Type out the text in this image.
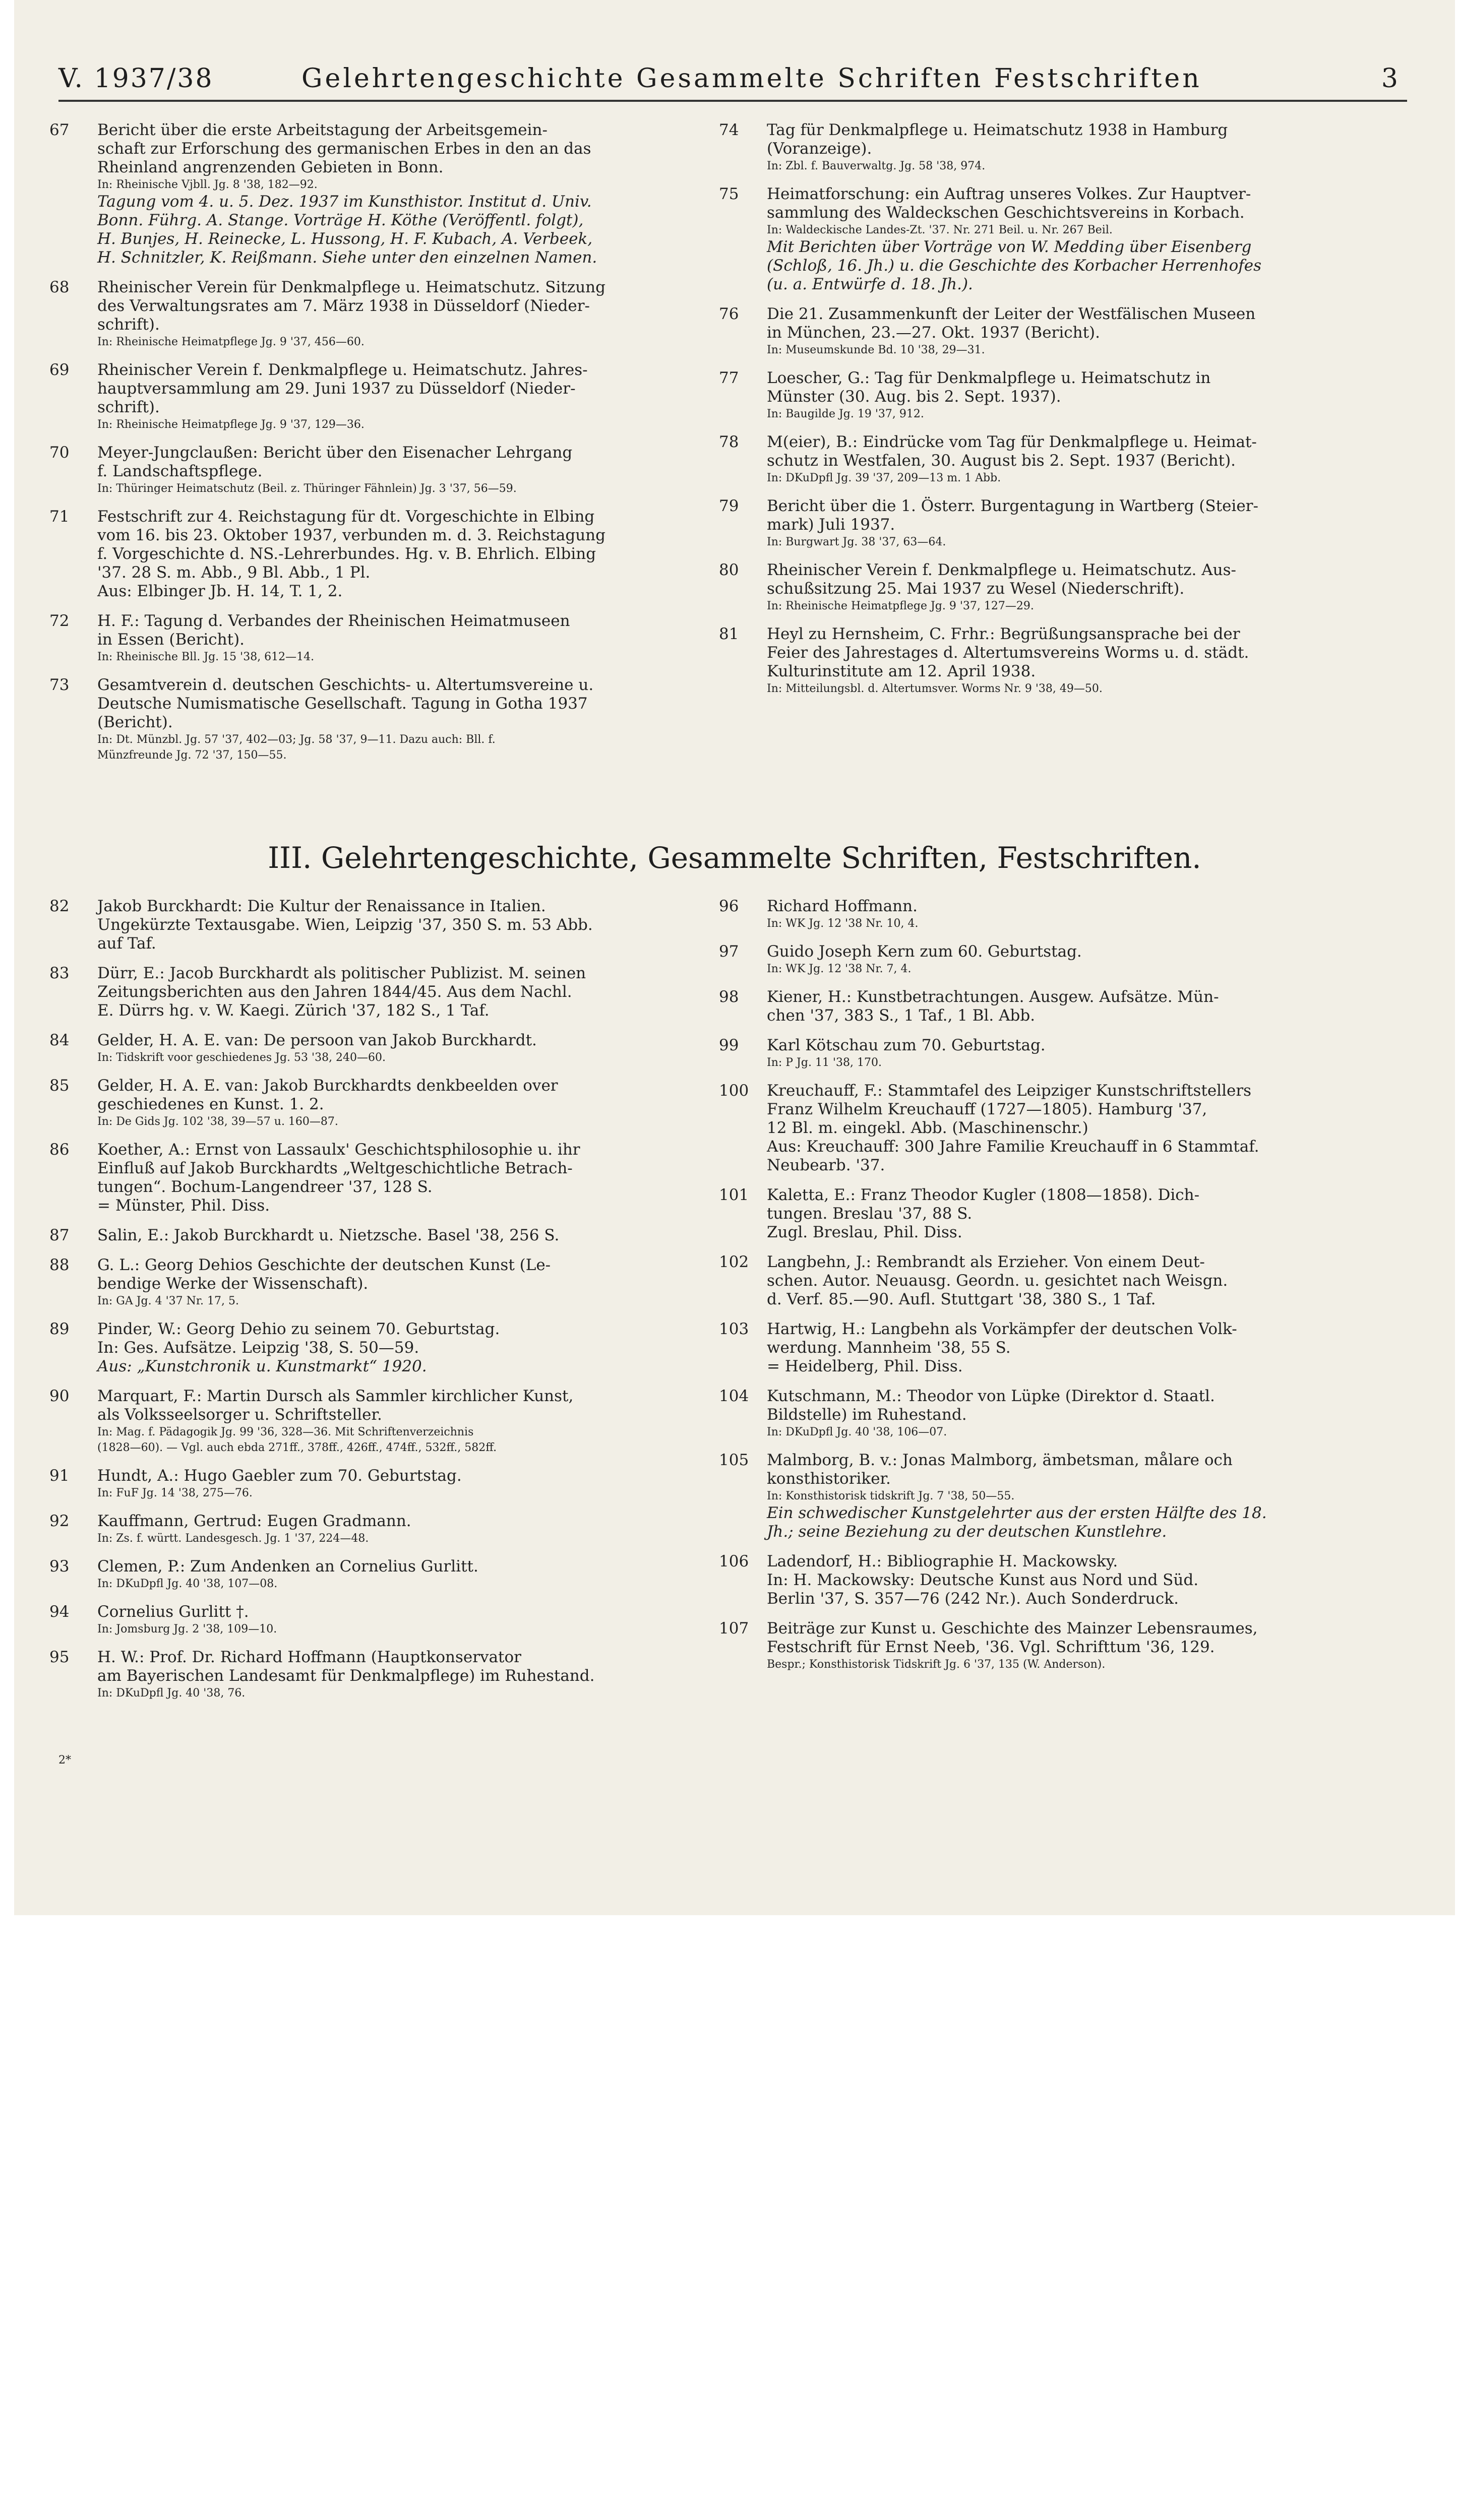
V. 1937/38	Gelehrtengeschichte Gesammelte Schriften Festschriften	3
67	Bericht über die erste Arbeitstagung der Arbeitsgemein-
schaft zur Erforschung des germanischen Erbes in den an das
Rheinland angrenzenden Gebieten in Bonn.
In: Rheinische Vjbll. Jg. 8 '38, 182—92.
Tagung vom 4. u. 5. Dez. 1937 im Kunsthistor. Institut d. Univ.
Bonn. Führg. A. Stange. Vorträge H. Köthe (Veröffentl. folgt),
H. Bunjes, H. Reinecke, L. Hussong, H. F. Kubach, A. Verbeek,
H. Schnitzler, K. Reißmann. Siehe unter den einzelnen Namen.
68	Rheinischer Verein für Denkmalpflege u. Heimatschutz. Sitzung
des Verwaltungsrates am 7. März 1938 in Düsseldorf (Nieder-
schrift).
In: Rheinische Heimatpflege Jg. 9 '37, 456—60.
69	Rheinischer Verein f. Denkmalpflege u. Heimatschutz. Jahres-
hauptversammlung am 29. Juni 1937 zu Düsseldorf (Nieder-
schrift).
In: Rheinische Heimatpflege Jg. 9 '37, 129—36.
70	Meyer-Jungclaußen: Bericht über den Eisenacher Lehrgang
f. Landschaftspflege.
In: Thüringer Heimatschutz (Beil. z. Thüringer Fähnlein) Jg. 3 '37, 56—59.
71	Festschrift zur 4. Reichstagung für dt. Vorgeschichte in Elbing
vom 16. bis 23. Oktober 1937, verbunden m. d. 3. Reichstagung
f. Vorgeschichte d. NS.-Lehrerbundes. Hg. v. B. Ehrlich. Elbing
'37. 28 S. m. Abb., 9 Bl. Abb., 1 Pl.
Aus: Elbinger Jb. H. 14, T. 1, 2.
72	H. F.: Tagung d. Verbandes der Rheinischen Heimatmuseen
in Essen (Bericht).
In: Rheinische Bll. Jg. 15 '38, 612—14.
73	Gesamtverein d. deutschen Geschichts- u. Altertumsvereine u.
Deutsche Numismatische Gesellschaft. Tagung in Gotha 1937
(Bericht).
In: Dt. Münzbl. Jg. 57 '37, 402—03; Jg. 58 '37, 9—11. Dazu auch: Bll. f.
Münzfreunde Jg. 72 '37, 150—55.
74	Tag für Denkmalpflege u. Heimatschutz 1938 in Hamburg
(Voranzeige).
In: Zbl. f. Bauverwaltg. Jg. 58 '38, 974.
75	Heimatforschung: ein Auftrag unseres Volkes. Zur Hauptver-
sammlung des Waldeckschen Geschichtsvereins in Korbach.
In: Waldeckische Landes-Zt. '37. Nr. 271 Beil. u. Nr. 267 Beil.
Mit Berichten über Vorträge von W. Medding über Eisenberg
(Schloß, 16. Jh.) u. die Geschichte des Korbacher Herrenhofes
(u. a. Entwürfe d. 18. Jh.).
76	Die 21. Zusammenkunft der Leiter der Westfälischen Museen
in München, 23.—27. Okt. 1937 (Bericht).
In: Museumskunde Bd. 10 '38, 29—31.
77	Loescher, G.: Tag für Denkmalpflege u. Heimatschutz in
Münster (30. Aug. bis 2. Sept. 1937).
In: Baugilde Jg. 19 '37, 912.
78	M(eier), B.: Eindrücke vom Tag für Denkmalpflege u. Heimat-
schutz in Westfalen, 30. August bis 2. Sept. 1937 (Bericht).
In: DKuDpfl Jg. 39 '37, 209—13 m. 1 Abb.
79	Bericht über die 1. Österr. Burgentagung in Wartberg (Steier-
mark) Juli 1937.
In: Burgwart Jg. 38 '37, 63—64.
80	Rheinischer Verein f. Denkmalpflege u. Heimatschutz. Aus-
schußsitzung 25. Mai 1937 zu Wesel (Niederschrift).
In: Rheinische Heimatpflege Jg. 9 '37, 127—29.
81	Heyl zu Hernsheim, C. Frhr.: Begrüßungsansprache bei der
Feier des Jahrestages d. Altertumsvereins Worms u. d. städt.
Kulturinstitute am 12. April 1938.
In: Mitteilungsbl. d. Altertumsver. Worms Nr. 9 '38, 49—50.
III. Gelehrtengeschichte, Gesammelte Schriften, Festschriften.
82	Jakob Burckhardt: Die Kultur der Renaissance in Italien.
Ungekürzte Textausgabe. Wien, Leipzig '37, 350 S. m. 53 Abb.
auf Taf.
83	Dürr, E.: Jacob Burckhardt als politischer Publizist. M. seinen
Zeitungsberichten aus den Jahren 1844/45. Aus dem Nachl.
E. Dürrs hg. v. W. Kaegi. Zürich '37, 182 S., 1 Taf.
84	Gelder, H. A. E. van: De persoon van Jakob Burckhardt.
In: Tidskrift voor geschiedenes Jg. 53 '38, 240—60.
85	Gelder, H. A. E. van: Jakob Burckhardts denkbeelden over
geschiedenes en Kunst. 1. 2.
In: De Gids Jg. 102 '38, 39—57 u. 160—87.
86	Koether, A.: Ernst von Lassaulx' Geschichtsphilosophie u. ihr
Einfluß auf Jakob Burckhardts „Weltgeschichtliche Betrach-
tungen“. Bochum-Langendreer '37, 128 S.
= Münster, Phil. Diss.
87	Salin, E.: Jakob Burckhardt u. Nietzsche. Basel '38, 256 S.
88	G. L.: Georg Dehios Geschichte der deutschen Kunst (Le-
bendige Werke der Wissenschaft).
In: GA Jg. 4 '37 Nr. 17, 5.
89	Pinder, W.: Georg Dehio zu seinem 70. Geburtstag.
In: Ges. Aufsätze. Leipzig '38, S. 50—59.
Aus: „Kunstchronik u. Kunstmarkt“ 1920.
90	Marquart, F.: Martin Dursch als Sammler kirchlicher Kunst,
als Volksseelsorger u. Schriftsteller.
In: Mag. f. Pädagogik Jg. 99 '36, 328—36. Mit Schriftenverzeichnis
(1828—60). — Vgl. auch ebda 271ff., 378ff., 426ff., 474ff., 532ff., 582ff.
91	Hundt, A.: Hugo Gaebler zum 70. Geburtstag.
In: FuF Jg. 14 '38, 275—76.
92	Kauffmann, Gertrud: Eugen Gradmann.
In: Zs. f. württ. Landesgesch. Jg. 1 '37, 224—48.
93	Clemen, P.: Zum Andenken an Cornelius Gurlitt.
In: DKuDpfl Jg. 40 '38, 107—08.
94	Cornelius Gurlitt †.
In: Jomsburg Jg. 2 '38, 109—10.
95	H. W.: Prof. Dr. Richard Hoffmann (Hauptkonservator
am Bayerischen Landesamt für Denkmalpflege) im Ruhestand.
In: DKuDpfl Jg. 40 '38, 76.
96	Richard Hoffmann.
In: WK Jg. 12 '38 Nr. 10, 4.
97	Guido Joseph Kern zum 60. Geburtstag.
In: WK Jg. 12 '38 Nr. 7, 4.
98	Kiener, H.: Kunstbetrachtungen. Ausgew. Aufsätze. Mün-
chen '37, 383 S., 1 Taf., 1 Bl. Abb.
99	Karl Kötschau zum 70. Geburtstag.
In: P Jg. 11 '38, 170.
100	Kreuchauff, F.: Stammtafel des Leipziger Kunstschriftstellers
Franz Wilhelm Kreuchauff (1727—1805). Hamburg '37,
12 Bl. m. eingekl. Abb. (Maschinenschr.)
Aus: Kreuchauff: 300 Jahre Familie Kreuchauff in 6 Stammtaf.
Neubearb. '37.
101	Kaletta, E.: Franz Theodor Kugler (1808—1858). Dich-
tungen. Breslau '37, 88 S.
Zugl. Breslau, Phil. Diss.
102	Langbehn, J.: Rembrandt als Erzieher. Von einem Deut-
schen. Autor. Neuausg. Geordn. u. gesichtet nach Weisgn.
d. Verf. 85.—90. Aufl. Stuttgart '38, 380 S., 1 Taf.
103	Hartwig, H.: Langbehn als Vorkämpfer der deutschen Volk-
werdung. Mannheim '38, 55 S.
= Heidelberg, Phil. Diss.
104	Kutschmann, M.: Theodor von Lüpke (Direktor d. Staatl.
Bildstelle) im Ruhestand.
In: DKuDpfl Jg. 40 '38, 106—07.
105	Malmborg, B. v.: Jonas Malmborg, ämbetsman, målare och
konsthistoriker.
In: Konsthistorisk tidskrift Jg. 7 '38, 50—55.
Ein schwedischer Kunstgelehrter aus der ersten Hälfte des 18.
Jh.; seine Beziehung zu der deutschen Kunstlehre.
106	Ladendorf, H.: Bibliographie H. Mackowsky.
In: H. Mackowsky: Deutsche Kunst aus Nord und Süd.
Berlin '37, S. 357—76 (242 Nr.). Auch Sonderdruck.
107	Beiträge zur Kunst u. Geschichte des Mainzer Lebensraumes,
Festschrift für Ernst Neeb, '36. Vgl. Schrifttum '36, 129.
Bespr.; Konsthistorisk Tidskrift Jg. 6 '37, 135 (W. Anderson).
2*
